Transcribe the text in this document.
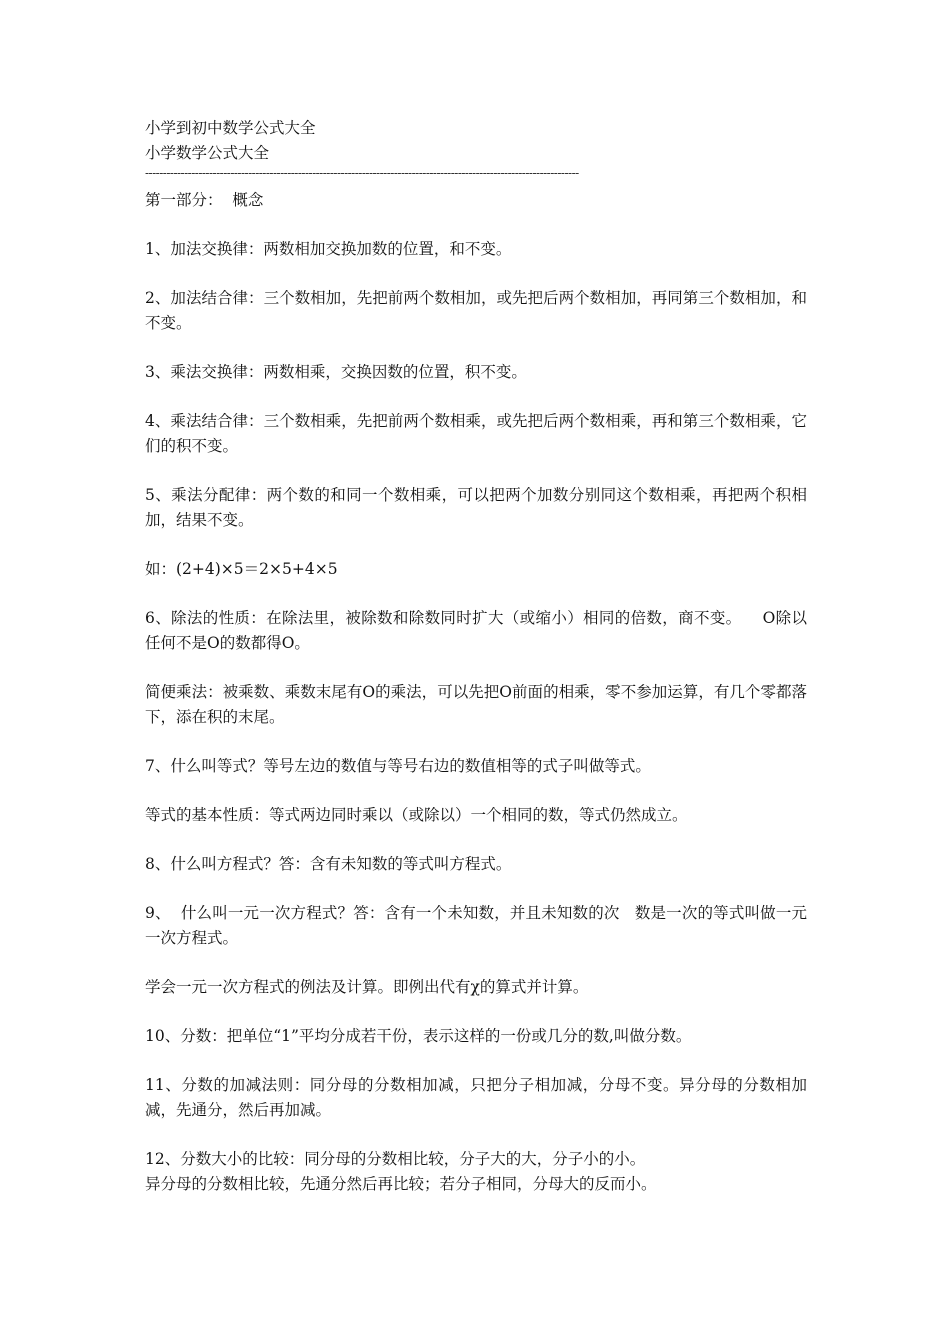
小学到初中数学公式大全
小学数学公式大全
--------------------------------------------------------------------------------------------------------------------------

第一部分：  概念

1、加法交换律：两数相加交换加数的位置，和不变。

2、加法结合律：三个数相加，先把前两个数相加，或先把后两个数相加，再同第三个数相加，和不变。

3、乘法交换律：两数相乘，交换因数的位置，积不变。

4、乘法结合律：三个数相乘，先把前两个数相乘，或先把后两个数相乘，再和第三个数相乘，它们的积不变。

5、乘法分配律：两个数的和同一个数相乘，可以把两个加数分别同这个数相乘，再把两个积相加，结果不变。

如：(2+4)×5＝2×5+4×5

6、除法的性质：在除法里，被除数和除数同时扩大（或缩小）相同的倍数，商不变。    O除以任何不是O的数都得O。

简便乘法：被乘数、乘数末尾有O的乘法，可以先把O前面的相乘，零不参加运算，有几个零都落下，添在积的末尾。

7、什么叫等式？等号左边的数值与等号右边的数值相等的式子叫做等式。

等式的基本性质：等式两边同时乘以（或除以）一个相同的数，等式仍然成立。

8、什么叫方程式？答：含有未知数的等式叫方程式。

9、  什么叫一元一次方程式？答：含有一个未知数，并且未知数的次   数是一次的等式叫做一元一次方程式。

学会一元一次方程式的例法及计算。即例出代有χ的算式并计算。

10、分数：把单位“1”平均分成若干份，表示这样的一份或几分的数,叫做分数。

11、分数的加减法则：同分母的分数相加减，只把分子相加减，分母不变。异分母的分数相加减，先通分，然后再加减。

12、分数大小的比较：同分母的分数相比较，分子大的大，分子小的小。

异分母的分数相比较，先通分然后再比较；若分子相同，分母大的反而小。
